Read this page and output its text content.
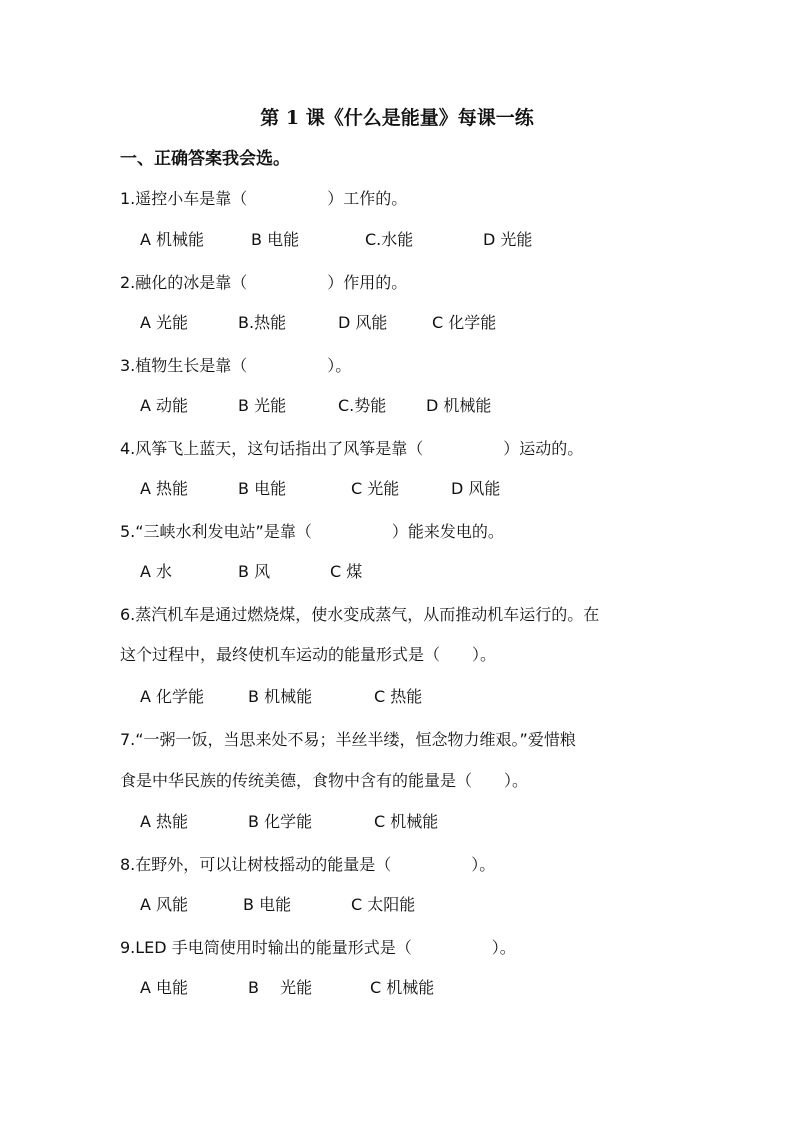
第 1 课《什么是能量》每课一练
一、正确答案我会选。
1.遥控小车是靠（　　　　　）工作的。
A 机械能	B 电能	C.水能	D 光能
2.融化的冰是靠（　　　　　）作用的。
A 光能	B.热能	D 风能	C 化学能
3.植物生长是靠（　　　　　）。
A 动能	B 光能	C.势能 D 机械能
4.风筝飞上蓝天，这句话指出了风筝是靠（　　　　　）运动的。
A 热能	B 电能	C 光能	D 风能
5.“三峡水利发电站”是靠（　　　　　）能来发电的。
A 水	B 风	C 煤
6.蒸汽机车是通过燃烧煤，使水变成蒸气，从而推动机车运行的。在
这个过程中，最终使机车运动的能量形式是（　　）。
A 化学能	B 机械能	C 热能
7.“一粥一饭，当思来处不易；半丝半缕，恒念物力维艰。”爱惜粮
食是中华民族的传统美德，食物中含有的能量是（　　）。
A 热能	B 化学能	C 机械能
8.在野外，可以让树枝摇动的能量是（　　　　　）。
A 风能	B 电能	C 太阳能
9.LED 手电筒使用时输出的能量形式是（　　　　　）。
A 电能	B　 光能	C 机械能
